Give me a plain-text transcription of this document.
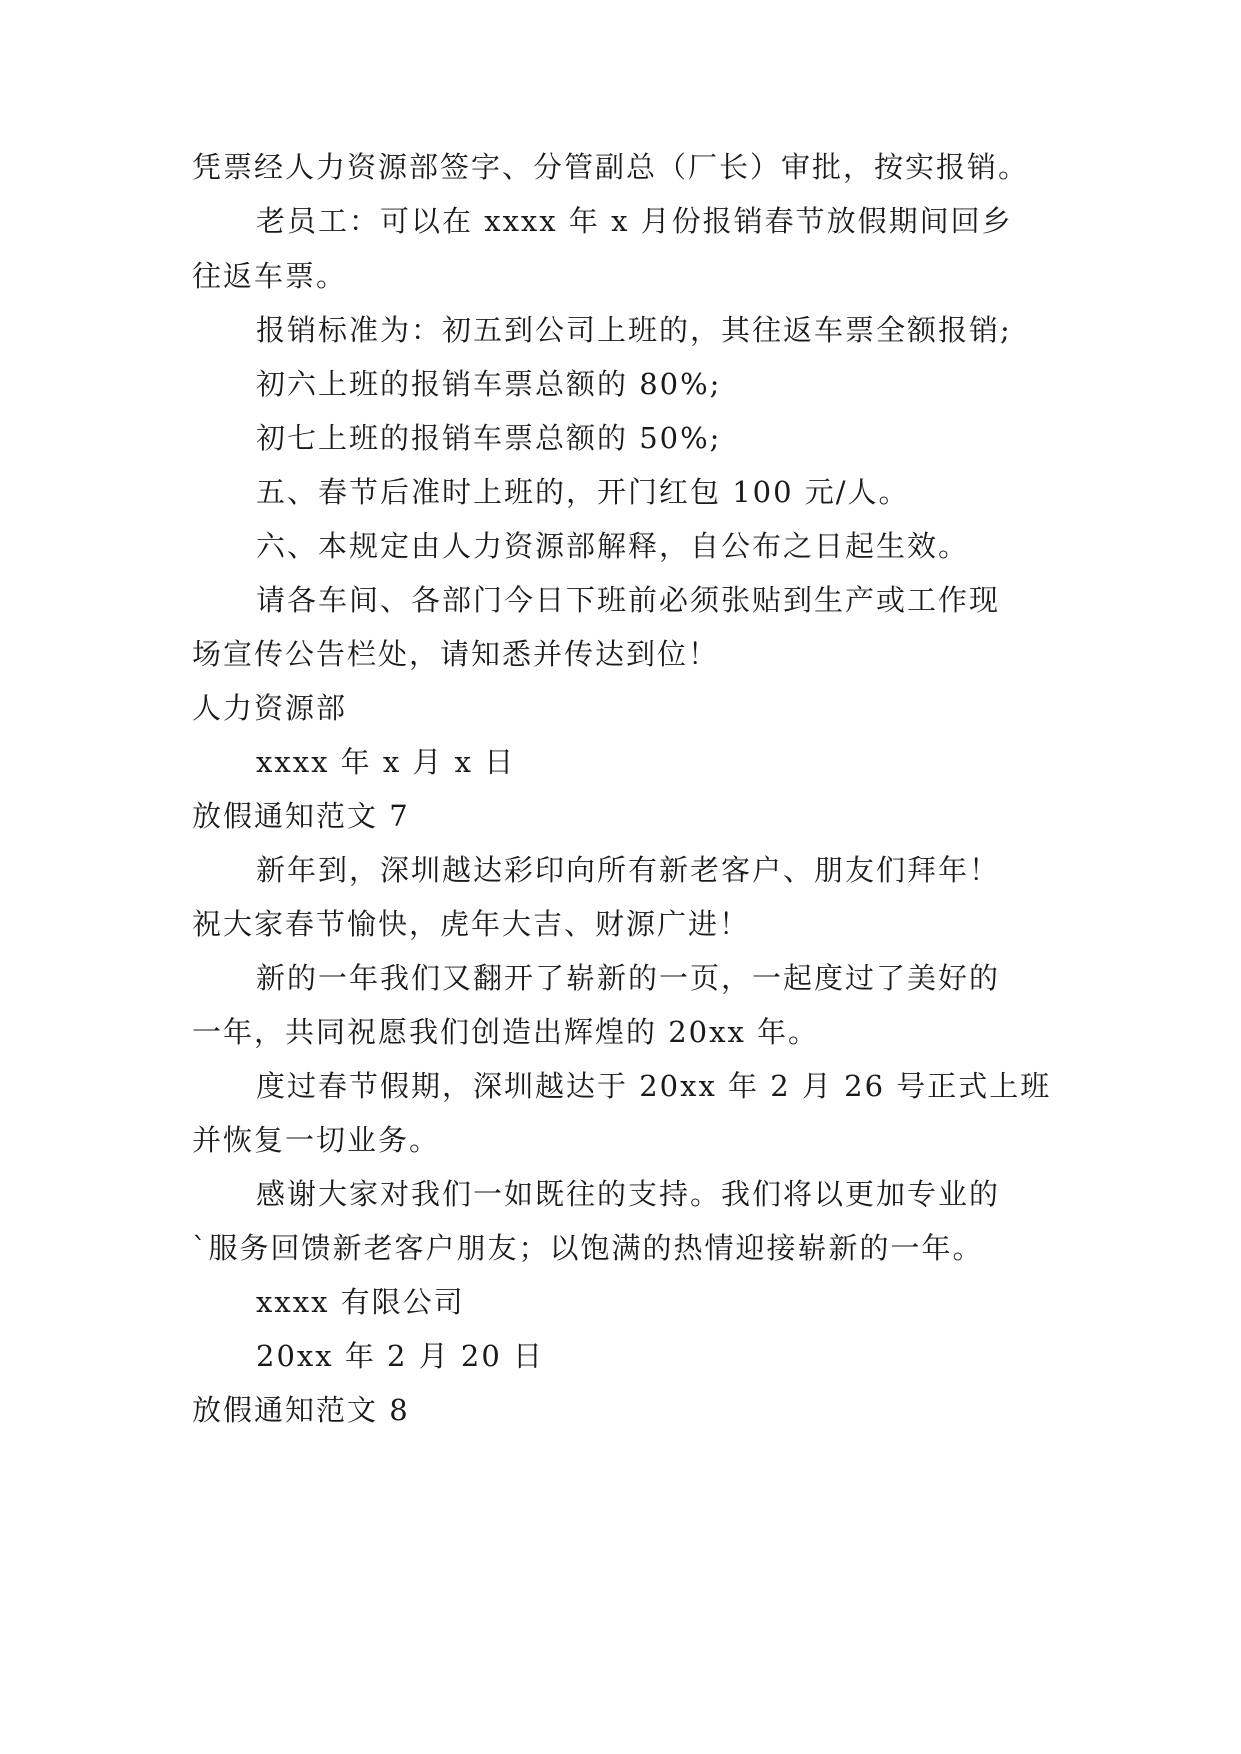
凭票经人力资源部签字、分管副总（厂长）审批，按实报销。
老员工：可以在 xxxx 年 x 月份报销春节放假期间回乡
往返车票。
报销标准为：初五到公司上班的，其往返车票全额报销;
初六上班的报销车票总额的 80%;
初七上班的报销车票总额的 50%;
五、春节后准时上班的，开门红包 100 元/人。
六、本规定由人力资源部解释，自公布之日起生效。
请各车间、各部门今日下班前必须张贴到生产或工作现
场宣传公告栏处，请知悉并传达到位！
人力资源部
xxxx 年 x 月 x 日
放假通知范文 7
新年到，深圳越达彩印向所有新老客户、朋友们拜年！
祝大家春节愉快，虎年大吉、财源广进！
新的一年我们又翻开了崭新的一页，一起度过了美好的
一年，共同祝愿我们创造出辉煌的 20xx 年。
度过春节假期，深圳越达于 20xx 年 2 月 26 号正式上班
并恢复一切业务。
感谢大家对我们一如既往的支持。我们将以更加专业的
`服务回馈新老客户朋友；以饱满的热情迎接崭新的一年。
xxxx 有限公司
20xx 年 2 月 20 日
放假通知范文 8
